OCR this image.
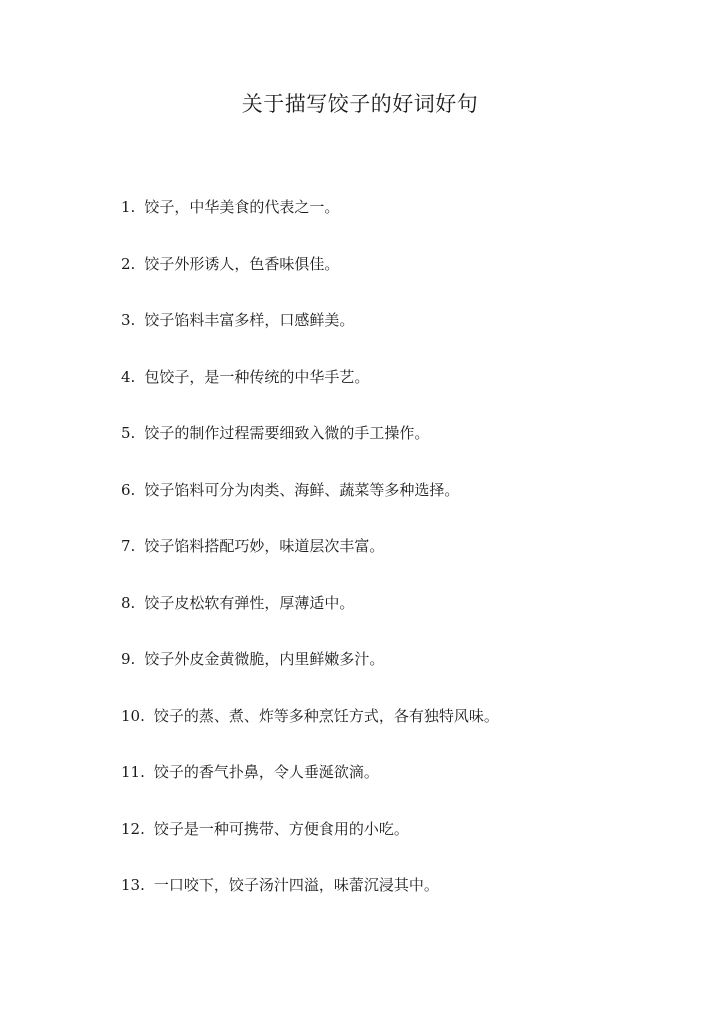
关于描写饺子的好词好句
1. 饺子，中华美食的代表之一。
2. 饺子外形诱人，色香味俱佳。
3. 饺子馅料丰富多样，口感鲜美。
4. 包饺子，是一种传统的中华手艺。
5. 饺子的制作过程需要细致入微的手工操作。
6. 饺子馅料可分为肉类、海鲜、蔬菜等多种选择。
7. 饺子馅料搭配巧妙，味道层次丰富。
8. 饺子皮松软有弹性，厚薄适中。
9. 饺子外皮金黄微脆，内里鲜嫩多汁。
10. 饺子的蒸、煮、炸等多种烹饪方式，各有独特风味。
11. 饺子的香气扑鼻，令人垂涎欲滴。
12. 饺子是一种可携带、方便食用的小吃。
13. 一口咬下，饺子汤汁四溢，味蕾沉浸其中。
